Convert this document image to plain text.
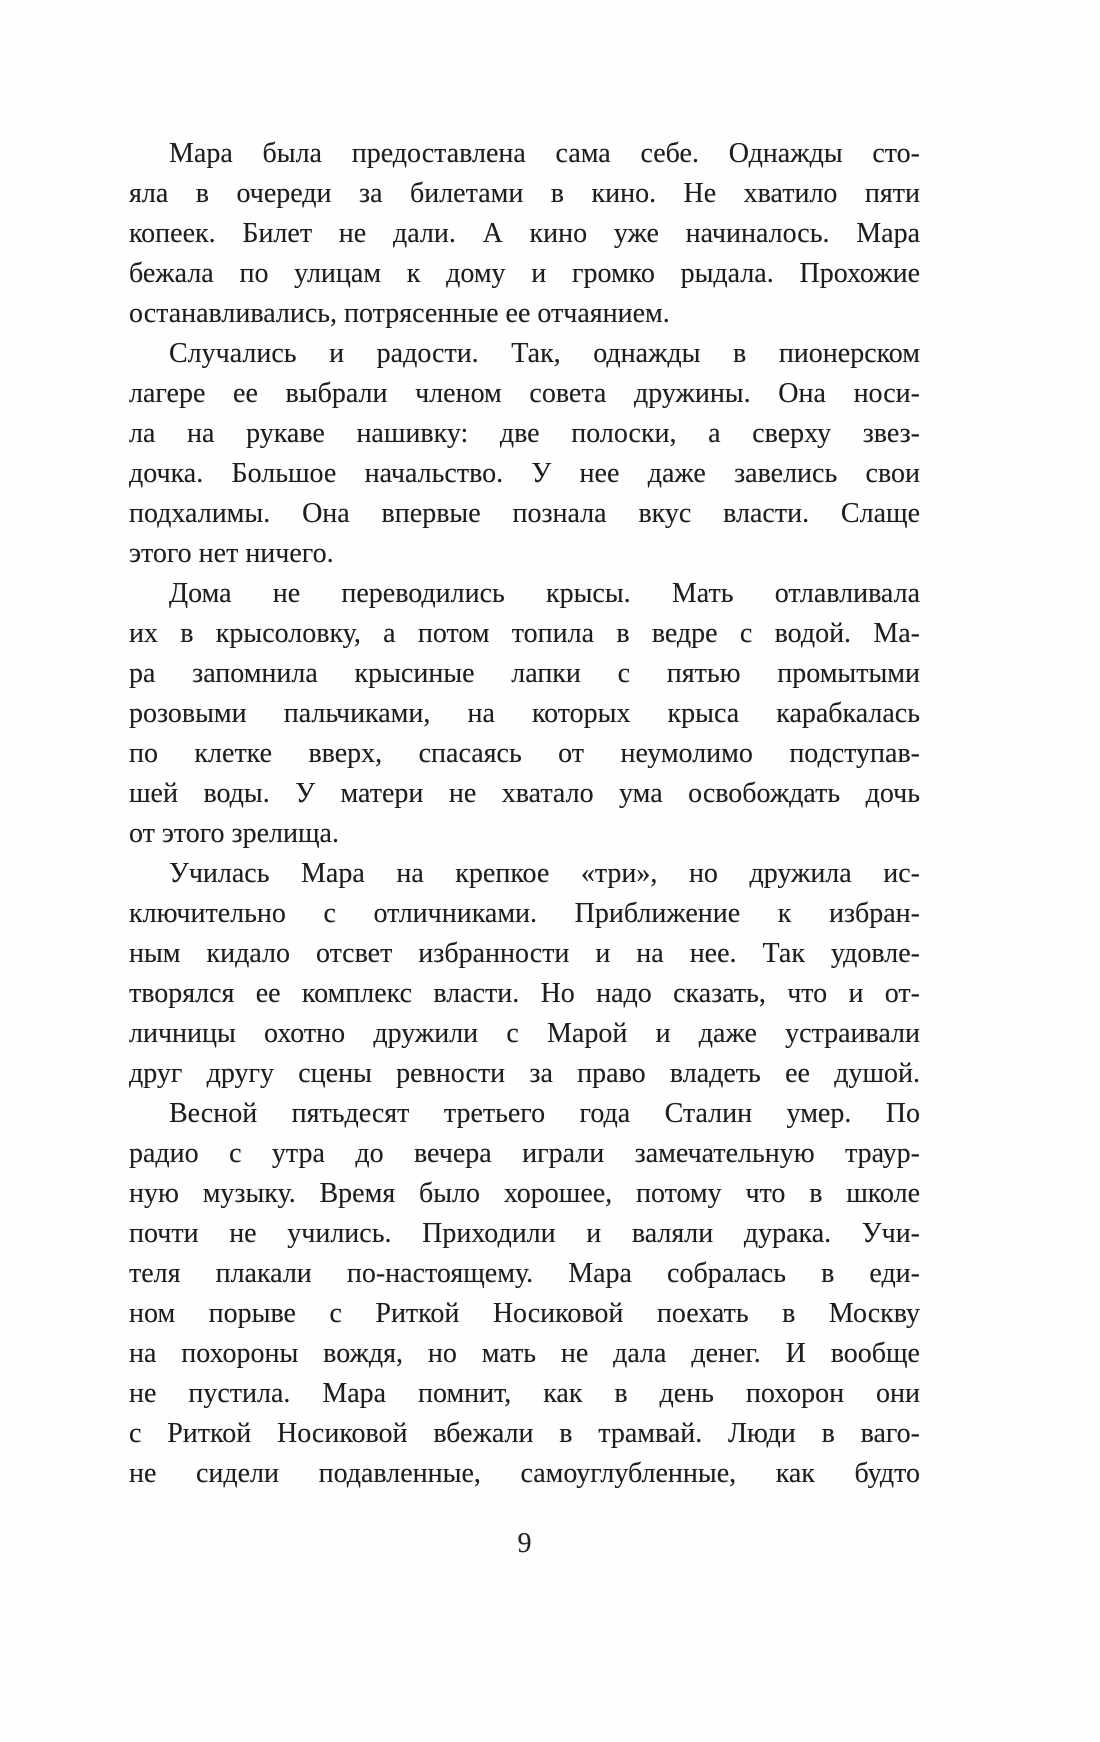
Мара была предоставлена сама себе. Однажды сто-
яла в очереди за билетами в кино. Не хватило пяти
копеек. Билет не дали. А кино уже начиналось. Мара
бежала по улицам к дому и громко рыдала. Прохожие
останавливались, потрясенные ее отчаянием.
Случались и радости. Так, однажды в пионерском
лагере ее выбрали членом совета дружины. Она носи-
ла на рукаве нашивку: две полоски, а сверху звез-
дочка. Большое начальство. У нее даже завелись свои
подхалимы. Она впервые познала вкус власти. Слаще
этого нет ничего.
Дома не переводились крысы. Мать отлавливала
их в крысоловку, а потом топила в ведре с водой. Ма-
ра запомнила крысиные лапки с пятью промытыми
розовыми пальчиками, на которых крыса карабкалась
по клетке вверх, спасаясь от неумолимо подступав-
шей воды. У матери не хватало ума освобождать дочь
от этого зрелища.
Училась Мара на крепкое «три», но дружила ис-
ключительно с отличниками. Приближение к избран-
ным кидало отсвет избранности и на нее. Так удовле-
творялся ее комплекс власти. Но надо сказать, что и от-
личницы охотно дружили с Марой и даже устраивали
друг другу сцены ревности за право владеть ее душой.
Весной пятьдесят третьего года Сталин умер. По
радио с утра до вечера играли замечательную траур-
ную музыку. Время было хорошее, потому что в школе
почти не учились. Приходили и валяли дурака. Учи-
теля плакали по-настоящему. Мара собралась в еди-
ном порыве с Риткой Носиковой поехать в Москву
на похороны вождя, но мать не дала денег. И вообще
не пустила. Мара помнит, как в день похорон они
с Риткой Носиковой вбежали в трамвай. Люди в ваго-
не сидели подавленные, самоуглубленные, как будто
9
